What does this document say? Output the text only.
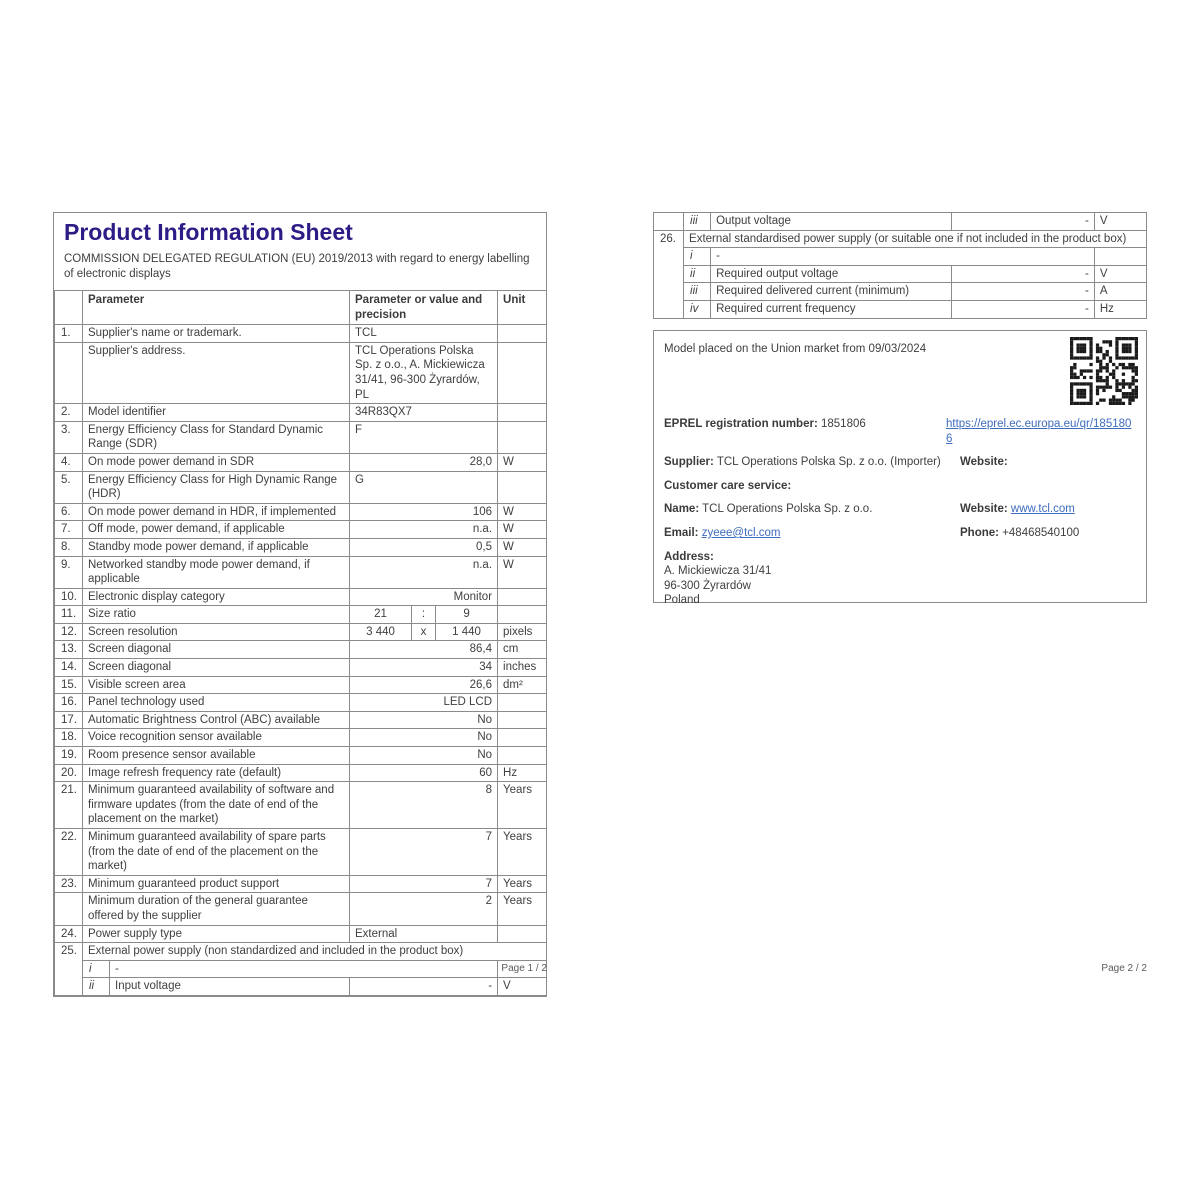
Product Information Sheet
COMMISSION DELEGATED REGULATION (EU) 2019/2013 with regard to energy labelling of electronic displays
	Parameter		Parameter or value and precision			Unit
1.	Supplier's name or trademark.		TCL			
	Supplier's address.		TCL Operations Polska Sp. z o.o., A. Mickiewicza 31/41, 96-300 Żyrardów, PL			
2.	Model identifier		34R83QX7			
3.	Energy Efficiency Class for Standard Dynamic Range (SDR)		F			
4.	On mode power demand in SDR		28,0			W
5.	Energy Efficiency Class for High Dynamic Range (HDR)		G			
6.	On mode power demand in HDR, if implemented		106			W
7.	Off mode, power demand, if applicable		n.a.			W
8.	Standby mode power demand, if applicable		0,5			W
9.	Networked standby mode power demand, if applicable		n.a.			W
10.	Electronic display category		Monitor			
11.	Size ratio		21	:	9	
12.	Screen resolution		3 440	x	1 440	pixels
13.	Screen diagonal		86,4			cm
14.	Screen diagonal		34			inches
15.	Visible screen area		26,6			dm²
16.	Panel technology used		LED LCD			
17.	Automatic Brightness Control (ABC) available		No			
18.	Voice recognition sensor available		No			
19.	Room presence sensor available		No			
20.	Image refresh frequency rate (default)		60			Hz
21.	Minimum guaranteed availability of software and firmware updates (from the date of end of the placement on the market)		8			Years
22.	Minimum guaranteed availability of spare parts (from the date of end of the placement on the market)		7			Years
23.	Minimum guaranteed product support		7			Years
	Minimum duration of the general guarantee offered by the supplier		2			Years
24.	Power supply type		External			
25.	External power supply (non standardized and included in the product box)					
	i	-				
	ii	Input voltage	-			V
Page 1 / 2
	iii	Output voltage	-	V
26.	External standardised power supply (or suitable one if not included in the product box)			
	i	-		
	ii	Required output voltage	-	V
	iii	Required delivered current (minimum)	-	A
	iv	Required current frequency	-	Hz
Model placed on the Union market from 09/03/2024
EPREL registration number: 1851806	https://eprel.ec.europa.eu/qr/1851806
Supplier: TCL Operations Polska Sp. z o.o. (Importer)	Website:
Customer care service:
Name: TCL Operations Polska Sp. z o.o.	Website: www.tcl.com
Email: zyeee@tcl.com	Phone: +48468540100
Address:
A. Mickiewicza 31/41
96-300 Żyrardów
Poland
Page 2 / 2
